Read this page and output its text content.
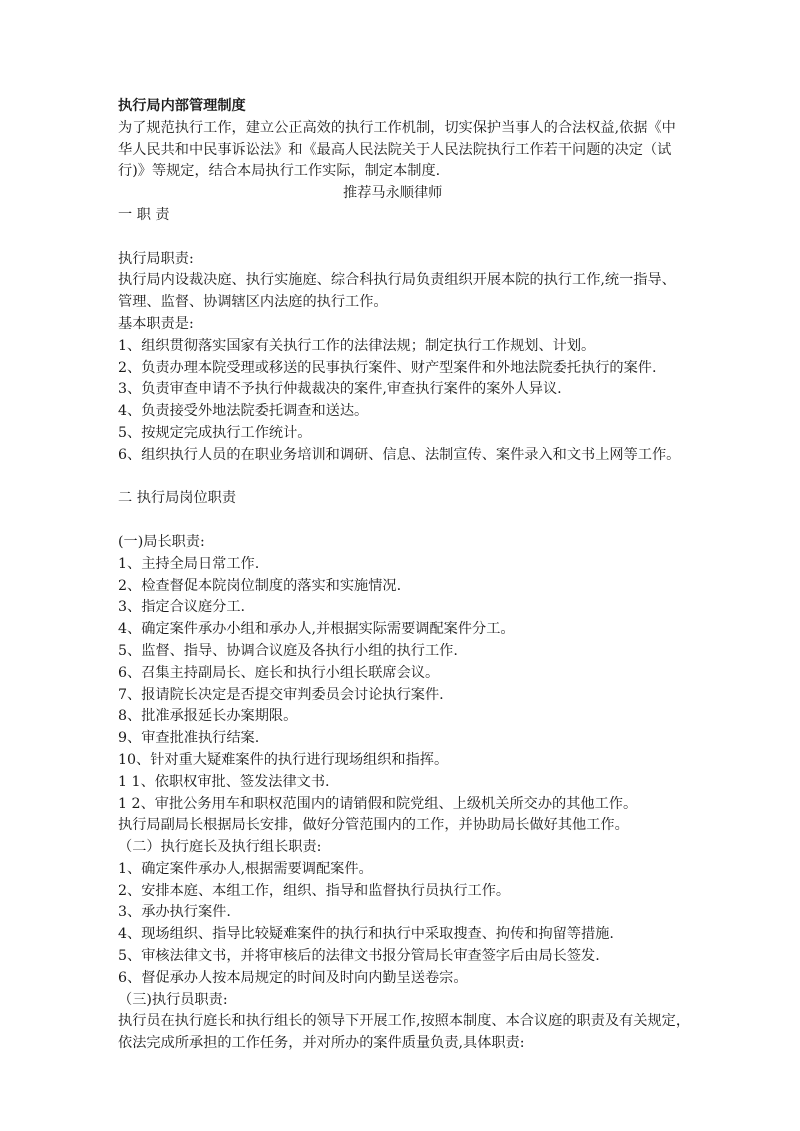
执行局内部管理制度
为了规范执行工作，建立公正高效的执行工作机制，切实保护当事人的合法权益,依据《中
华人民共和中民事诉讼法》和《最高人民法院关于人民法院执行工作若干问题的决定（试
行)》等规定，结合本局执行工作实际，制定本制度.
推荐马永顺律师
一 职 责
执行局职责:
执行局内设裁决庭、执行实施庭、综合科执行局负责组织开展本院的执行工作,统一指导、
管理、监督、协调辖区内法庭的执行工作。
基本职责是:
1、组织贯彻落实国家有关执行工作的法律法规；制定执行工作规划、计划。
2、负责办理本院受理或移送的民事执行案件、财产型案件和外地法院委托执行的案件.
3、负责审查申请不予执行仲裁裁决的案件,审查执行案件的案外人异议.
4、负责接受外地法院委托调查和送达。
5、按规定完成执行工作统计。
6、组织执行人员的在职业务培训和调研、信息、法制宣传、案件录入和文书上网等工作。
二 执行局岗位职责
(一)局长职责:
1、主持全局日常工作.
2、检查督促本院岗位制度的落实和实施情况.
3、指定合议庭分工.
4、确定案件承办小组和承办人,并根据实际需要调配案件分工。
5、监督、指导、协调合议庭及各执行小组的执行工作.
6、召集主持副局长、庭长和执行小组长联席会议。
7、报请院长决定是否提交审判委员会讨论执行案件.
8、批准承报延长办案期限。
9、审查批准执行结案.
10、针对重大疑难案件的执行进行现场组织和指挥。
1 1、依职权审批、签发法律文书.
1 2、审批公务用车和职权范围内的请销假和院党组、上级机关所交办的其他工作。
执行局副局长根据局长安排，做好分管范围内的工作，并协助局长做好其他工作。
（二）执行庭长及执行组长职责:
1、确定案件承办人,根据需要调配案件。
2、安排本庭、本组工作，组织、指导和监督执行员执行工作。
3、承办执行案件.
4、现场组织、指导比较疑难案件的执行和执行中采取搜查、拘传和拘留等措施.
5、审核法律文书，并将审核后的法律文书报分管局长审查签字后由局长签发.
6、督促承办人按本局规定的时间及时向内勤呈送卷宗。
（三)执行员职责:
执行员在执行庭长和执行组长的领导下开展工作,按照本制度、本合议庭的职责及有关规定，
依法完成所承担的工作任务，并对所办的案件质量负责,具体职责:
